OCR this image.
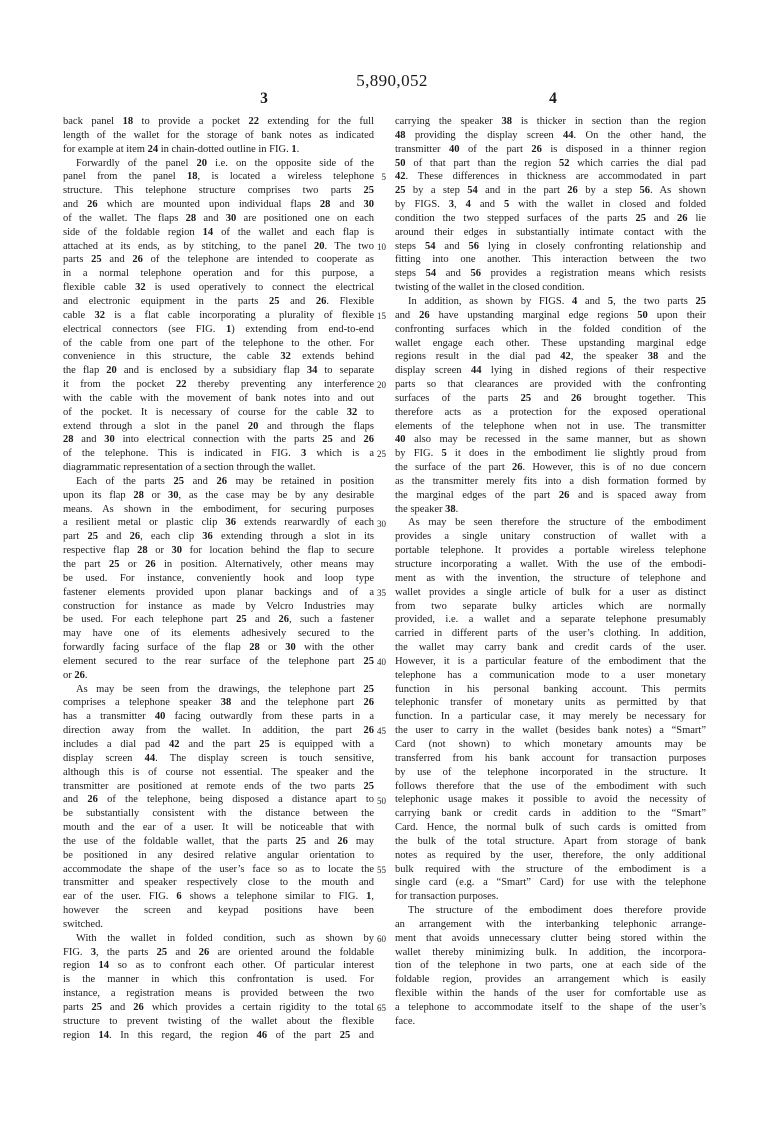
5,890,052
3	4
5
10
15
20
25
30
35
40
45
50
55
60
65
back panel 18 to provide a pocket 22 extending for the full
length of the wallet for the storage of bank notes as indicated
for example at item 24 in chain-dotted outline in FIG. 1.
Forwardly of the panel 20 i.e. on the opposite side of the
panel from the panel 18, is located a wireless telephone
structure. This telephone structure comprises two parts 25
and 26 which are mounted upon individual flaps 28 and 30
of the wallet. The flaps 28 and 30 are positioned one on each
side of the foldable region 14 of the wallet and each flap is
attached at its ends, as by stitching, to the panel 20. The two
parts 25 and 26 of the telephone are intended to cooperate as
in a normal telephone operation and for this purpose, a
flexible cable 32 is used operatively to connect the electrical
and electronic equipment in the parts 25 and 26. Flexible
cable 32 is a flat cable incorporating a plurality of flexible
electrical connectors (see FIG. 1) extending from end-to-end
of the cable from one part of the telephone to the other. For
convenience in this structure, the cable 32 extends behind
the flap 20 and is enclosed by a subsidiary flap 34 to separate
it from the pocket 22 thereby preventing any interference
with the cable with the movement of bank notes into and out
of the pocket. It is necessary of course for the cable 32 to
extend through a slot in the panel 20 and through the flaps
28 and 30 into electrical connection with the parts 25 and 26
of the telephone. This is indicated in FIG. 3 which is a
diagrammatic representation of a section through the wallet.
Each of the parts 25 and 26 may be retained in position
upon its flap 28 or 30, as the case may be by any desirable
means. As shown in the embodiment, for securing purposes
a resilient metal or plastic clip 36 extends rearwardly of each
part 25 and 26, each clip 36 extending through a slot in its
respective flap 28 or 30 for location behind the flap to secure
the part 25 or 26 in position. Alternatively, other means may
be used. For instance, conveniently hook and loop type
fastener elements provided upon planar backings and of a
construction for instance as made by Velcro Industries may
be used. For each telephone part 25 and 26, such a fastener
may have one of its elements adhesively secured to the
forwardly facing surface of the flap 28 or 30 with the other
element secured to the rear surface of the telephone part 25
or 26.
As may be seen from the drawings, the telephone part 25
comprises a telephone speaker 38 and the telephone part 26
has a transmitter 40 facing outwardly from these parts in a
direction away from the wallet. In addition, the part 26
includes a dial pad 42 and the part 25 is equipped with a
display screen 44. The display screen is touch sensitive,
although this is of course not essential. The speaker and the
transmitter are positioned at remote ends of the two parts 25
and 26 of the telephone, being disposed a distance apart to
be substantially consistent with the distance between the
mouth and the ear of a user. It will be noticeable that with
the use of the foldable wallet, that the parts 25 and 26 may
be positioned in any desired relative angular orientation to
accommodate the shape of the user’s face so as to locate the
transmitter and speaker respectively close to the mouth and
ear of the user. FIG. 6 shows a telephone similar to FIG. 1,
however the screen and keypad positions have been
switched.
With the wallet in folded condition, such as shown by
FIG. 3, the parts 25 and 26 are oriented around the foldable
region 14 so as to confront each other. Of particular interest
is the manner in which this confrontation is used. For
instance, a registration means is provided between the two
parts 25 and 26 which provides a certain rigidity to the total
structure to prevent twisting of the wallet about the flexible
region 14. In this regard, the region 46 of the part 25 and
carrying the speaker 38 is thicker in section than the region
48 providing the display screen 44. On the other hand, the
transmitter 40 of the part 26 is disposed in a thinner region
50 of that part than the region 52 which carries the dial pad
42. These differences in thickness are accommodated in part
25 by a step 54 and in the part 26 by a step 56. As shown
by FIGS. 3, 4 and 5 with the wallet in closed and folded
condition the two stepped surfaces of the parts 25 and 26 lie
around their edges in substantially intimate contact with the
steps 54 and 56 lying in closely confronting relationship and
fitting into one another. This interaction between the two
steps 54 and 56 provides a registration means which resists
twisting of the wallet in the closed condition.
In addition, as shown by FIGS. 4 and 5, the two parts 25
and 26 have upstanding marginal edge regions 50 upon their
confronting surfaces which in the folded condition of the
wallet engage each other. These upstanding marginal edge
regions result in the dial pad 42, the speaker 38 and the
display screen 44 lying in dished regions of their respective
parts so that clearances are provided with the confronting
surfaces of the parts 25 and 26 brought together. This
therefore acts as a protection for the exposed operational
elements of the telephone when not in use. The transmitter
40 also may be recessed in the same manner, but as shown
by FIG. 5 it does in the embodiment lie slightly proud from
the surface of the part 26. However, this is of no due concern
as the transmitter merely fits into a dish formation formed by
the marginal edges of the part 26 and is spaced away from
the speaker 38.
As may be seen therefore the structure of the embodiment
provides a single unitary construction of wallet with a
portable telephone. It provides a portable wireless telephone
structure incorporating a wallet. With the use of the embodi-
ment as with the invention, the structure of telephone and
wallet provides a single article of bulk for a user as distinct
from two separate bulky articles which are normally
provided, i.e. a wallet and a separate telephone presumably
carried in different parts of the user’s clothing. In addition,
the wallet may carry bank and credit cards of the user.
However, it is a particular feature of the embodiment that the
telephone has a communication mode to a user monetary
function in his personal banking account. This permits
telephonic transfer of monetary units as permitted by that
function. In a particular case, it may merely be necessary for
the user to carry in the wallet (besides bank notes) a “Smart”
Card (not shown) to which monetary amounts may be
transferred from his bank account for transaction purposes
by use of the telephone incorporated in the structure. It
follows therefore that the use of the embodiment with such
telephonic usage makes it possible to avoid the necessity of
carrying bank or credit cards in addition to the “Smart”
Card. Hence, the normal bulk of such cards is omitted from
the bulk of the total structure. Apart from storage of bank
notes as required by the user, therefore, the only additional
bulk required with the structure of the embodiment is a
single card (e.g. a “Smart” Card) for use with the telephone
for transaction purposes.
The structure of the embodiment does therefore provide
an arrangement with the interbanking telephonic arrange-
ment that avoids unnecessary clutter being stored within the
wallet thereby minimizing bulk. In addition, the incorpora-
tion of the telephone in two parts, one at each side of the
foldable region, provides an arrangement which is easily
flexible within the hands of the user for comfortable use as
a telephone to accommodate itself to the shape of the user’s
face.
